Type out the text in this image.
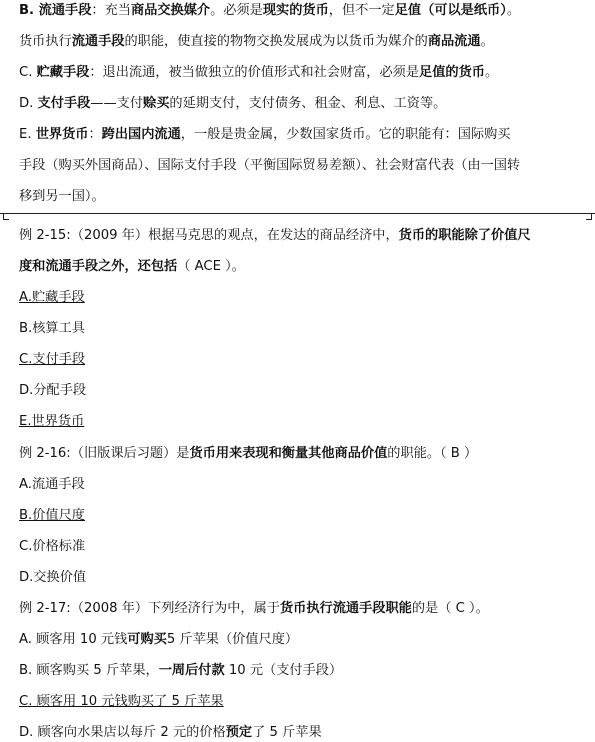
B. 流通手段：充当商品交换媒介。必须是现实的货币，但不一定足值（可以是纸币）。
货币执行流通手段的职能，使直接的物物交换发展成为以货币为媒介的商品流通。
C. 贮藏手段：退出流通，被当做独立的价值形式和社会财富，必须是足值的货币。
D. 支付手段——支付赊买的延期支付，支付债务、租金、利息、工资等。
E. 世界货币：跨出国内流通，一般是贵金属，少数国家货币。它的职能有：国际购买
手段（购买外国商品）、国际支付手段（平衡国际贸易差额）、社会财富代表（由一国转
移到另一国）。
例 2-15:（2009 年）根据马克思的观点，在发达的商品经济中，货币的职能除了价值尺
度和流通手段之外，还包括（ ACE ）。
A.贮藏手段
B.核算工具
C.支付手段
D.分配手段
E.世界货币
例 2-16:（旧版课后习题）是货币用来表现和衡量其他商品价值的职能。（ B ）
A.流通手段
B.价值尺度
C.价格标准
D.交换价值
例 2-17:（2008 年）下列经济行为中，属于货币执行流通手段职能的是（ C ）。
A. 顾客用 10 元钱可购买5 斤苹果（价值尺度）
B. 顾客购买 5 斤苹果，一周后付款 10 元（支付手段）
C. 顾客用 10 元钱购买了 5 斤苹果
D. 顾客向水果店以每斤 2 元的价格预定了 5 斤苹果
